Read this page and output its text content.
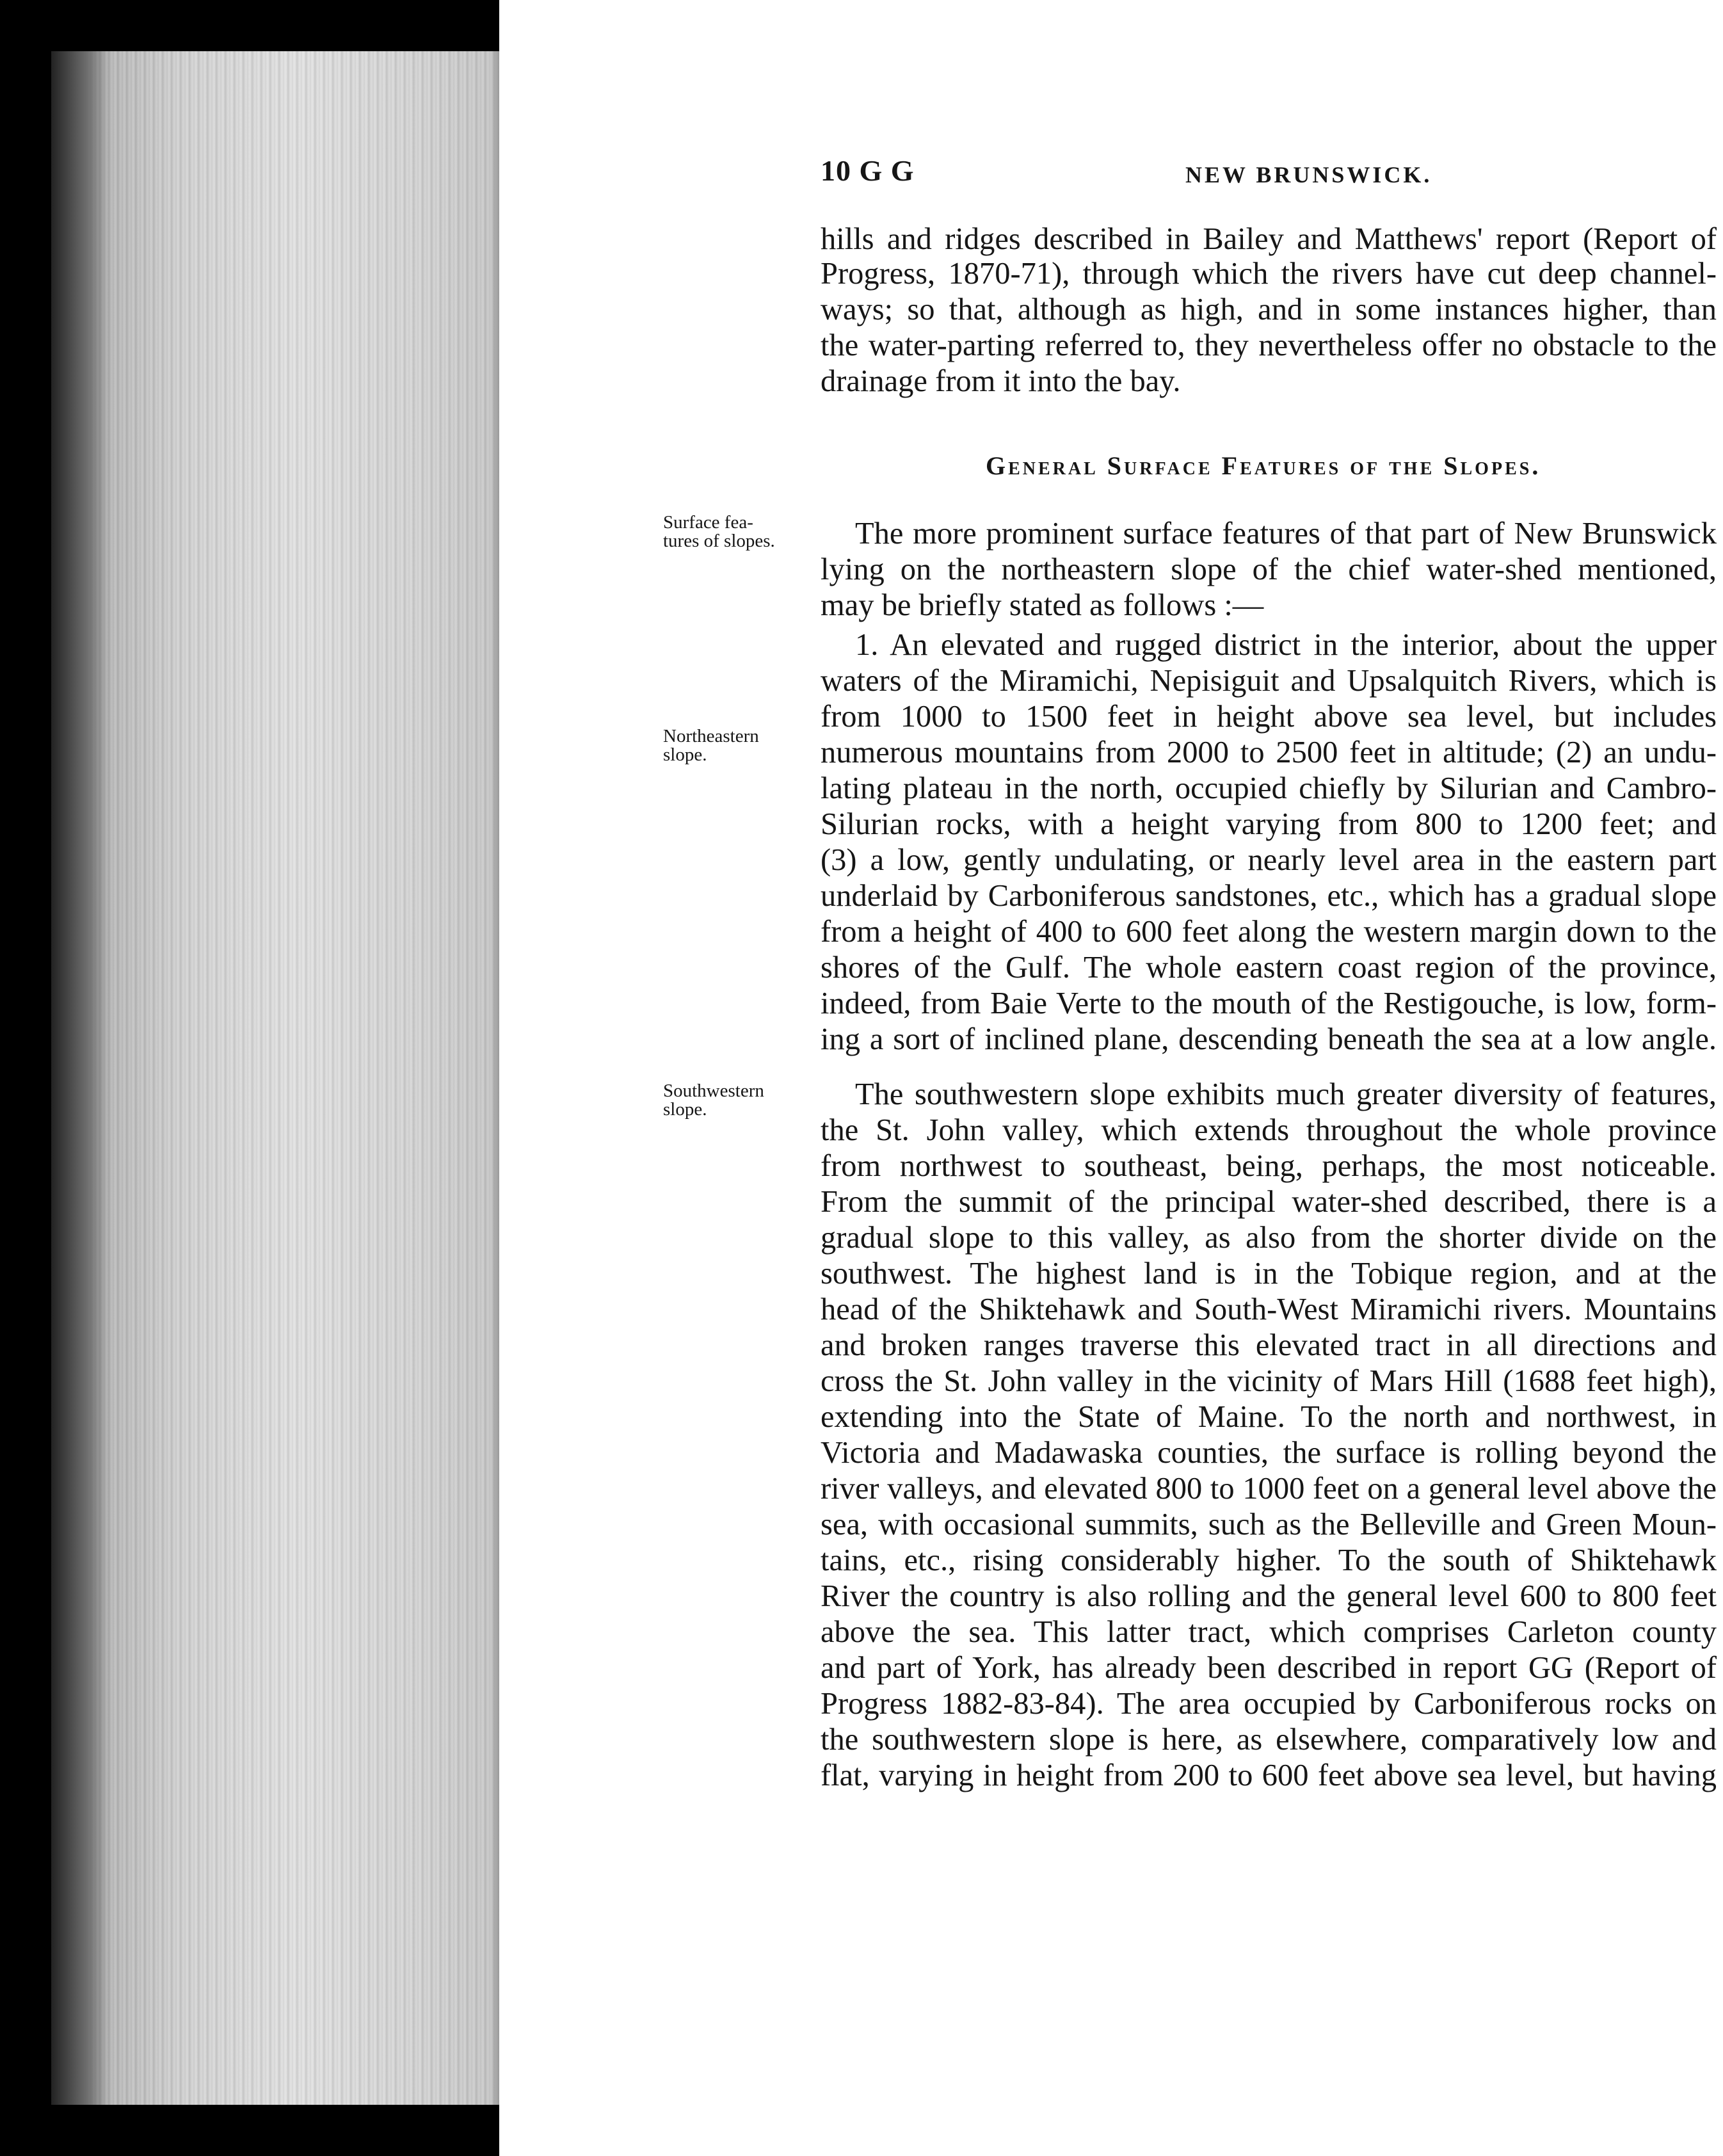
10 G G	NEW BRUNSWICK.
hills and ridges described in Bailey and Matthews' report (Report of
Progress, 1870-71), through which the rivers have cut deep channel-
ways; so that, although as high, and in some instances higher, than
the water-parting referred to, they nevertheless offer no obstacle to the
drainage from it into the bay.
General Surface Features of the Slopes.
Surface fea-
tures of slopes.
Northeastern
slope.
Southwestern
slope.
The more prominent surface features of that part of New Brunswick
lying on the northeastern slope of the chief water-shed mentioned,
may be briefly stated as follows :—
1. An elevated and rugged district in the interior, about the upper
waters of the Miramichi, Nepisiguit and Upsalquitch Rivers, which is
from 1000 to 1500 feet in height above sea level, but includes
numerous mountains from 2000 to 2500 feet in altitude; (2) an undu-
lating plateau in the north, occupied chiefly by Silurian and Cambro-
Silurian rocks, with a height varying from 800 to 1200 feet; and
(3) a low, gently undulating, or nearly level area in the eastern part
underlaid by Carboniferous sandstones, etc., which has a gradual slope
from a height of 400 to 600 feet along the western margin down to the
shores of the Gulf. The whole eastern coast region of the province,
indeed, from Baie Verte to the mouth of the Restigouche, is low, form-
ing a sort of inclined plane, descending beneath the sea at a low angle.
The southwestern slope exhibits much greater diversity of features,
the St. John valley, which extends throughout the whole province
from northwest to southeast, being, perhaps, the most noticeable.
From the summit of the principal water-shed described, there is a
gradual slope to this valley, as also from the shorter divide on the
southwest. The highest land is in the Tobique region, and at the
head of the Shiktehawk and South-West Miramichi rivers. Mountains
and broken ranges traverse this elevated tract in all directions and
cross the St. John valley in the vicinity of Mars Hill (1688 feet high),
extending into the State of Maine. To the north and northwest, in
Victoria and Madawaska counties, the surface is rolling beyond the
river valleys, and elevated 800 to 1000 feet on a general level above the
sea, with occasional summits, such as the Belleville and Green Moun-
tains, etc., rising considerably higher. To the south of Shiktehawk
River the country is also rolling and the general level 600 to 800 feet
above the sea. This latter tract, which comprises Carleton county
and part of York, has already been described in report GG (Report of
Progress 1882-83-84). The area occupied by Carboniferous rocks on
the southwestern slope is here, as elsewhere, comparatively low and
flat, varying in height from 200 to 600 feet above sea level, but having
